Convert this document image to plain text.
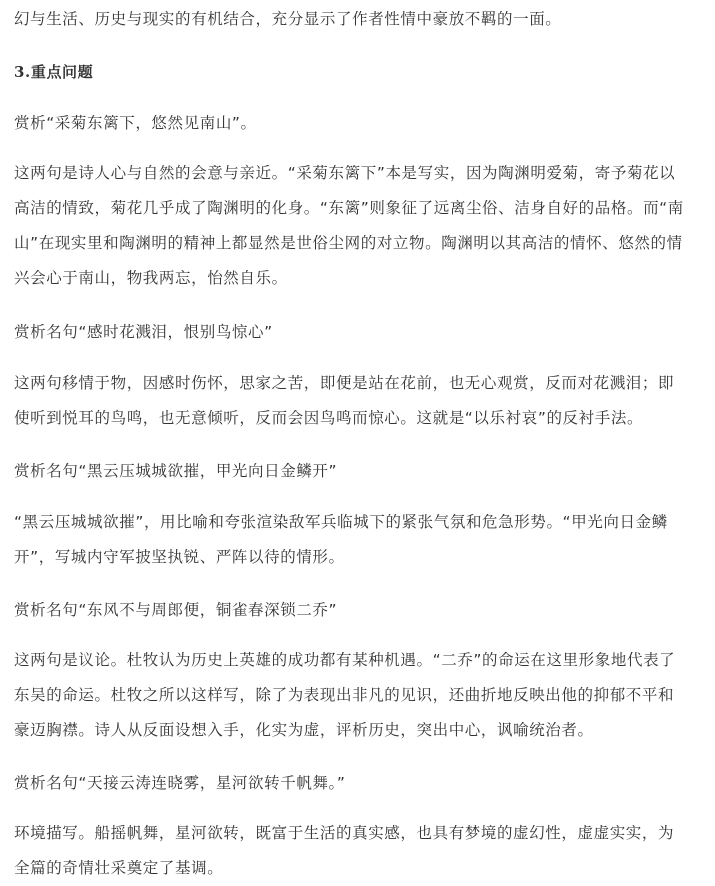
幻与生活、历史与现实的有机结合，充分显示了作者性情中豪放不羁的一面。

3.重点问题

赏析“采菊东篱下，悠然见南山”。

这两句是诗人心与自然的会意与亲近。“采菊东篱下”本是写实，因为陶渊明爱菊，寄予菊花以高洁的情致，菊花几乎成了陶渊明的化身。“东篱”则象征了远离尘俗、洁身自好的品格。而“南山”在现实里和陶渊明的精神上都显然是世俗尘网的对立物。陶渊明以其高洁的情怀、悠然的情兴会心于南山，物我两忘，怡然自乐。

赏析名句“感时花溅泪，恨别鸟惊心”

这两句移情于物，因感时伤怀，思家之苦，即便是站在花前，也无心观赏，反而对花溅泪；即使听到悦耳的鸟鸣，也无意倾听，反而会因鸟鸣而惊心。这就是“以乐衬哀”的反衬手法。

赏析名句“黑云压城城欲摧，甲光向日金鳞开”

“黑云压城城欲摧”，用比喻和夸张渲染敌军兵临城下的紧张气氛和危急形势。“甲光向日金鳞开”，写城内守军披坚执锐、严阵以待的情形。

赏析名句“东风不与周郎便，铜雀春深锁二乔”

这两句是议论。杜牧认为历史上英雄的成功都有某种机遇。“二乔”的命运在这里形象地代表了东吴的命运。杜牧之所以这样写，除了为表现出非凡的见识，还曲折地反映出他的抑郁不平和豪迈胸襟。诗人从反面设想入手，化实为虚，评析历史，突出中心，讽喻统治者。

赏析名句“天接云涛连晓雾，星河欲转千帆舞。”

环境描写。船摇帆舞，星河欲转，既富于生活的真实感，也具有梦境的虚幻性，虚虚实实，为全篇的奇情壮采奠定了基调。
